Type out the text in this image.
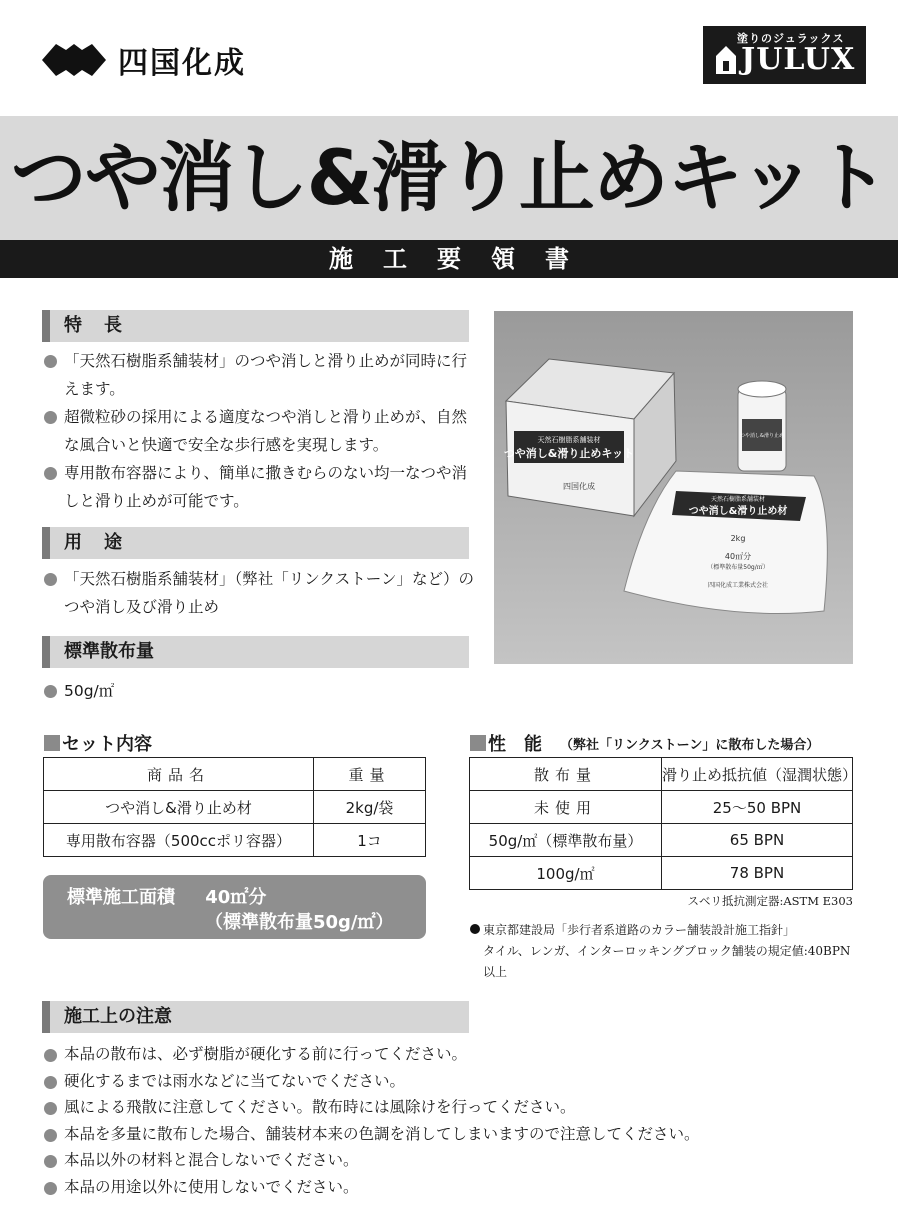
四国化成
塗りのジュラックス
JULUX
つや消し&滑り止めキット
施工要領書
特長
「天然石樹脂系舗装材」のつや消しと滑り止めが同時に行えます。
超微粒砂の採用による適度なつや消しと滑り止めが、自然な風合いと快適で安全な歩行感を実現します。
専用散布容器により、簡単に撒きむらのない均一なつや消しと滑り止めが可能です。
用途
「天然石樹脂系舗装材」（弊社「リンクストーン」など）のつや消し及び滑り止め
標準散布量
50g/㎡
天然石樹脂系舗装材
つや消し&滑り止めキット
四国化成
つや消し&滑り止め
天然石樹脂系舗装材
つや消し&滑り止め材
2kg
40㎡分
（標準散布量50g/㎡）
四国化成工業株式会社
セット内容
商品名	重量
つや消し&滑り止め材	2kg/袋
専用散布容器（500ccポリ容器）	1コ
標準施工面積 40㎡分
（標準散布量50g/㎡）
性能 （弊社「リンクストーン」に散布した場合）
散布量	滑り止め抵抗値（湿潤状態）
未使用	25～50 BPN
50g/㎡（標準散布量）	65 BPN
100g/㎡	78 BPN
スベリ抵抗測定器:ASTM E303
東京都建設局「歩行者系道路のカラー舗装設計施工指針」
タイル、レンガ、インターロッキングブロック舗装の規定値:40BPN以上
施工上の注意
本品の散布は、必ず樹脂が硬化する前に行ってください。
硬化するまでは雨水などに当てないでください。
風による飛散に注意してください。散布時には風除けを行ってください。
本品を多量に散布した場合、舗装材本来の色調を消してしまいますので注意してください。
本品以外の材料と混合しないでください。
本品の用途以外に使用しないでください。
